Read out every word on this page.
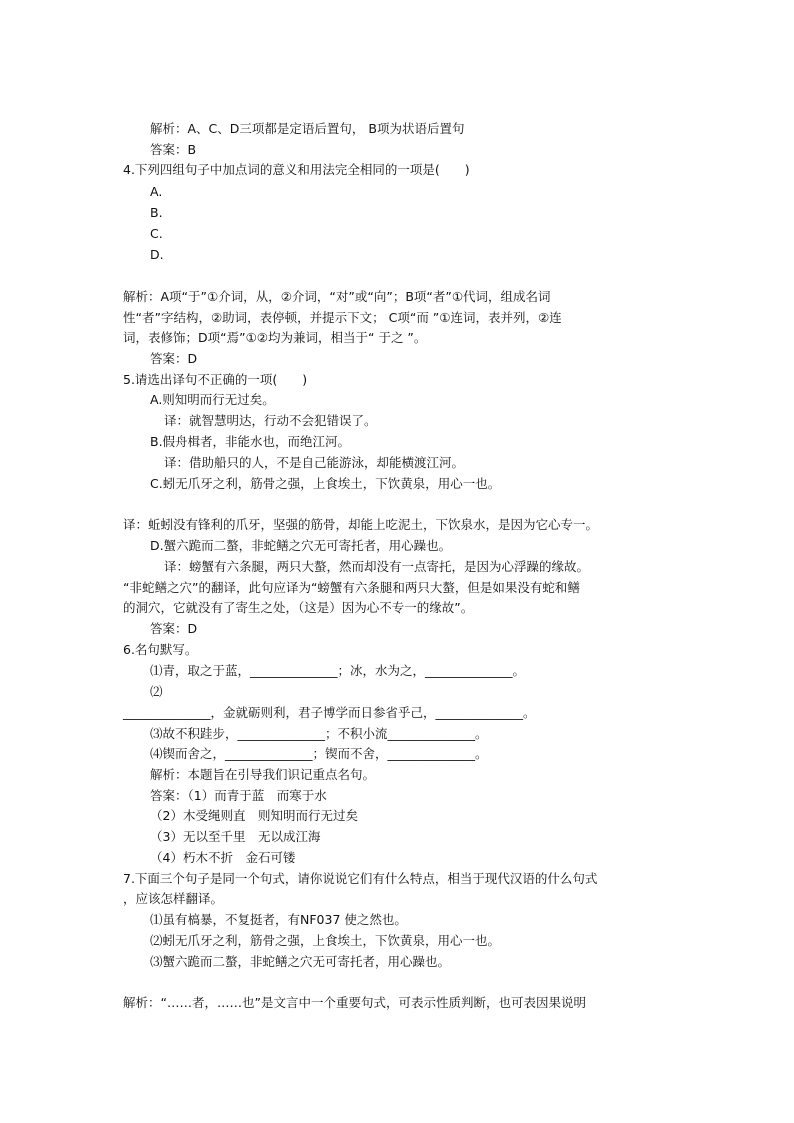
解析：A、C、D三项都是定语后置句， B项为状语后置句
答案：B
4.下列四组句子中加点词的意义和用法完全相同的一项是(　　)
A.
B.
C.
D.
解析：A项“于”①介词，从，②介词，“对”或“向”；B项“者”①代词，组成名词
性“者”字结构，②助词，表停顿，并提示下文； C项“而 ”①连词，表并列，②连
词，表修饰；D项“焉”①②均为兼词，相当于“ 于之 ”。
答案：D
5.请选出译句不正确的一项(　　)
A.则知明而行无过矣。
译：就智慧明达，行动不会犯错误了。
B.假舟楫者，非能水也，而绝江河。
译：借助船只的人，不是自己能游泳，却能横渡江河。
C.蚓无爪牙之利，筋骨之强，上食埃土，下饮黄泉，用心一也。
译：蚯蚓没有锋利的爪牙，坚强的筋骨，却能上吃泥土，下饮泉水，是因为它心专一。
D.蟹六跪而二螯，非蛇鳝之穴无可寄托者，用心躁也。
译：螃蟹有六条腿，两只大螯，然而却没有一点寄托，是因为心浮躁的缘故。
“非蛇鳝之穴”的翻译，此句应译为“螃蟹有六条腿和两只大螯，但是如果没有蛇和鳝
的洞穴，它就没有了寄生之处，（这是）因为心不专一的缘故”。
答案：D
6.名句默写。
⑴青，取之于蓝，______________；冰，水为之，______________。
⑵
______________，金就砺则利，君子博学而日参省乎己，______________。
⑶故不积跬步，______________；不积小流______________。
⑷锲而舍之，______________；锲而不舍，______________。
解析：本题旨在引导我们识记重点名句。
答案：（1）而青于蓝　而寒于水
（2）木受绳则直　则知明而行无过矣
（3）无以至千里　无以成江海
（4）朽木不折　金石可镂
7.下面三个句子是同一个句式，请你说说它们有什么特点，相当于现代汉语的什么句式
，应该怎样翻译。
⑴虽有槁暴，不复挺者，有NF037 使之然也。
⑵蚓无爪牙之利，筋骨之强，上食埃土，下饮黄泉，用心一也。
⑶蟹六跪而二螯，非蛇鳝之穴无可寄托者，用心躁也。
解析：“……者，……也”是文言中一个重要句式，可表示性质判断，也可表因果说明
